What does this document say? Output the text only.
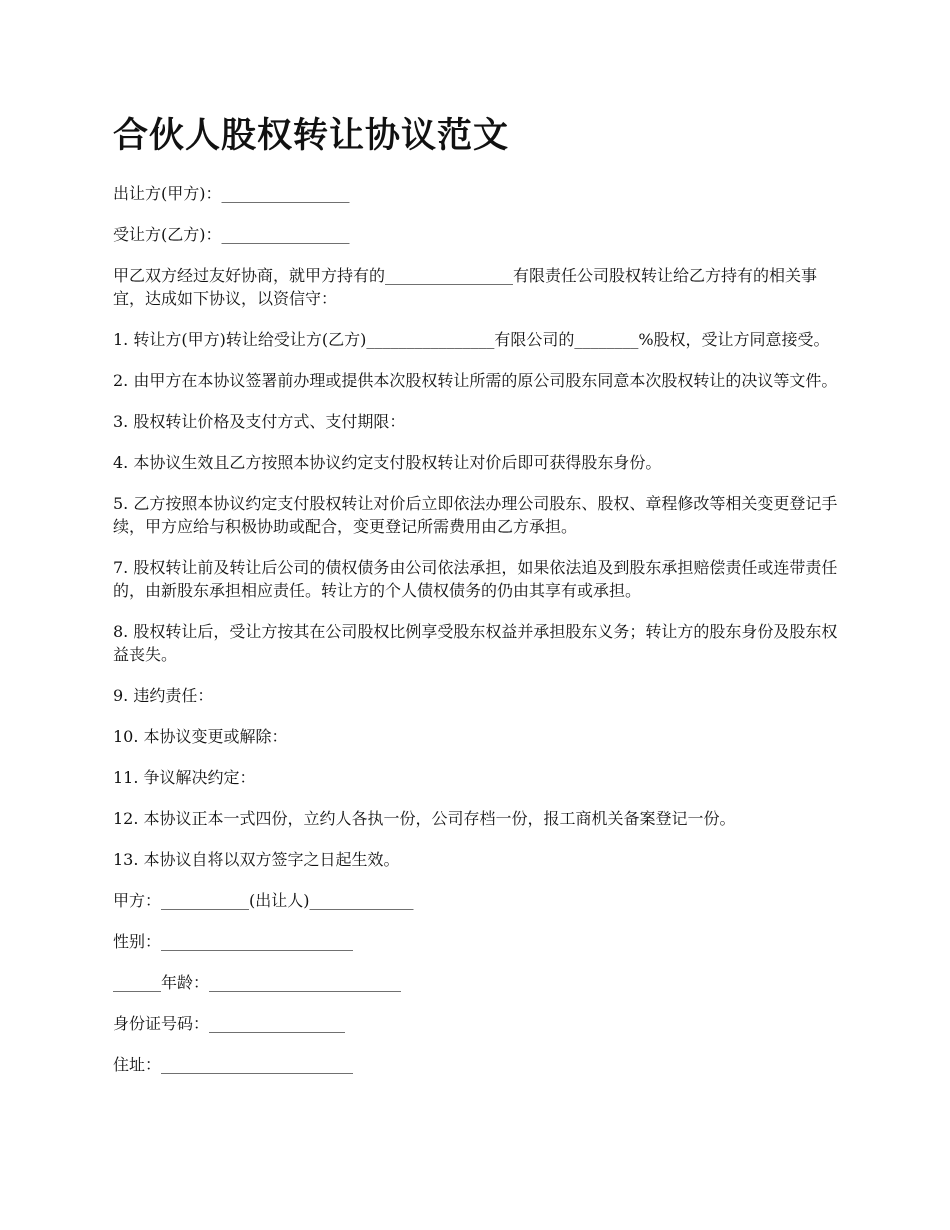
合伙人股权转让协议范文

出让方(甲方)：________________

受让方(乙方)：________________

甲乙双方经过友好协商，就甲方持有的________________有限责任公司股权转让给乙方持有的相关事宜，达成如下协议，以资信守：

1. 转让方(甲方)转让给受让方(乙方)________________有限公司的________%股权，受让方同意接受。

2. 由甲方在本协议签署前办理或提供本次股权转让所需的原公司股东同意本次股权转让的决议等文件。

3. 股权转让价格及支付方式、支付期限：

4. 本协议生效且乙方按照本协议约定支付股权转让对价后即可获得股东身份。

5. 乙方按照本协议约定支付股权转让对价后立即依法办理公司股东、股权、章程修改等相关变更登记手续，甲方应给与积极协助或配合，变更登记所需费用由乙方承担。

7. 股权转让前及转让后公司的债权债务由公司依法承担，如果依法追及到股东承担赔偿责任或连带责任的，由新股东承担相应责任。转让方的个人债权债务的仍由其享有或承担。

8. 股权转让后，受让方按其在公司股权比例享受股东权益并承担股东义务；转让方的股东身份及股东权益丧失。

9. 违约责任：

10. 本协议变更或解除：

11. 争议解决约定：

12. 本协议正本一式四份，立约人各执一份，公司存档一份，报工商机关备案登记一份。

13. 本协议自将以双方签字之日起生效。

甲方：___________(出让人)_____________

性别：________________________

______年龄：________________________

身份证号码：_________________

住址：________________________
